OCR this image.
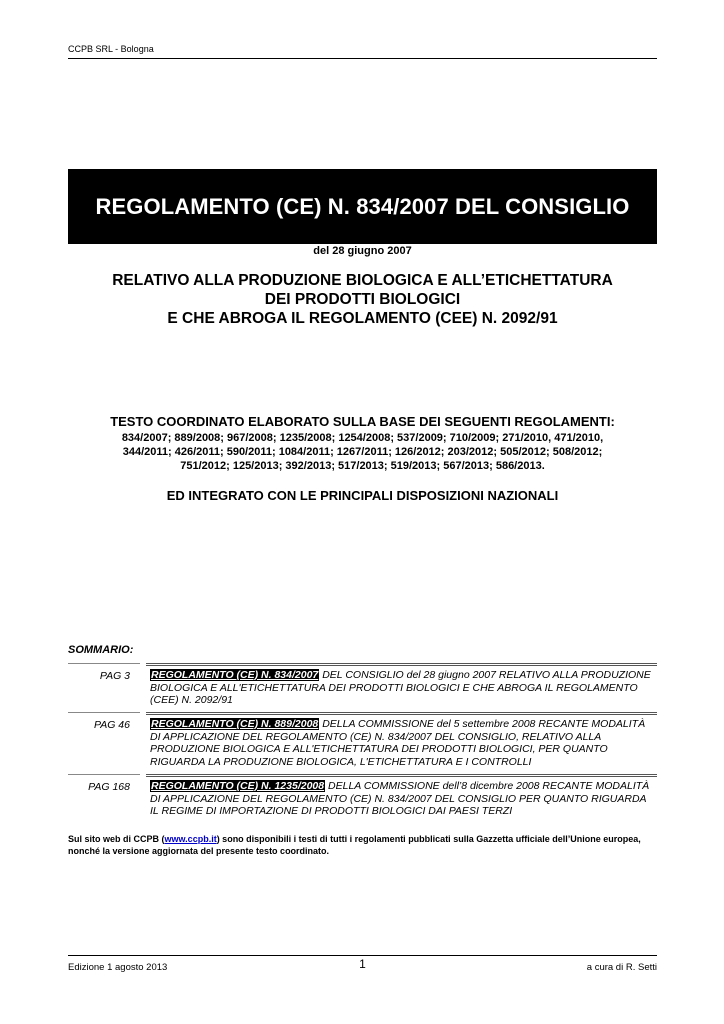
CCPB SRL - Bologna
REGOLAMENTO (CE) N. 834/2007 DEL CONSIGLIO
del 28 giugno 2007
RELATIVO ALLA PRODUZIONE BIOLOGICA E ALL’ETICHETTATURA
DEI PRODOTTI BIOLOGICI
E CHE ABROGA IL REGOLAMENTO (CEE) N. 2092/91
TESTO COORDINATO ELABORATO SULLA BASE DEI SEGUENTI REGOLAMENTI:
834/2007; 889/2008; 967/2008; 1235/2008; 1254/2008; 537/2009; 710/2009; 271/2010, 471/2010,
344/2011; 426/2011; 590/2011; 1084/2011; 1267/2011; 126/2012; 203/2012; 505/2012; 508/2012;
751/2012; 125/2013; 392/2013; 517/2013; 519/2013; 567/2013; 586/2013.
ED INTEGRATO CON LE PRINCIPALI DISPOSIZIONI NAZIONALI
SOMMARIO:
PAG 3 REGOLAMENTO (CE) N. 834/2007 DEL CONSIGLIO del 28 giugno 2007 RELATIVO ALLA PRODUZIONE BIOLOGICA E ALL'ETICHETTATURA DEI PRODOTTI BIOLOGICI E CHE ABROGA IL REGOLAMENTO (CEE) N. 2092/91
PAG 46 REGOLAMENTO (CE) N. 889/2008 DELLA COMMISSIONE del 5 settembre 2008 RECANTE MODALITÀ DI APPLICAZIONE DEL REGOLAMENTO (CE) N. 834/2007 DEL CONSIGLIO, RELATIVO ALLA PRODUZIONE BIOLOGICA E ALL'ETICHETTATURA DEI PRODOTTI BIOLOGICI, PER QUANTO RIGUARDA LA PRODUZIONE BIOLOGICA, L'ETICHETTATURA E I CONTROLLI
PAG 168 REGOLAMENTO (CE) N. 1235/2008 DELLA COMMISSIONE dell’8 dicembre 2008 RECANTE MODALITÀ DI APPLICAZIONE DEL REGOLAMENTO (CE) N. 834/2007 DEL CONSIGLIO PER QUANTO RIGUARDA IL REGIME DI IMPORTAZIONE DI PRODOTTI BIOLOGICI DAI PAESI TERZI
Sul sito web di CCPB (www.ccpb.it) sono disponibili i testi di tutti i regolamenti pubblicati sulla Gazzetta ufficiale dell’Unione europea, nonché la versione aggiornata del presente testo coordinato.
Edizione 1 agosto 2013	1	a cura di R. Setti
